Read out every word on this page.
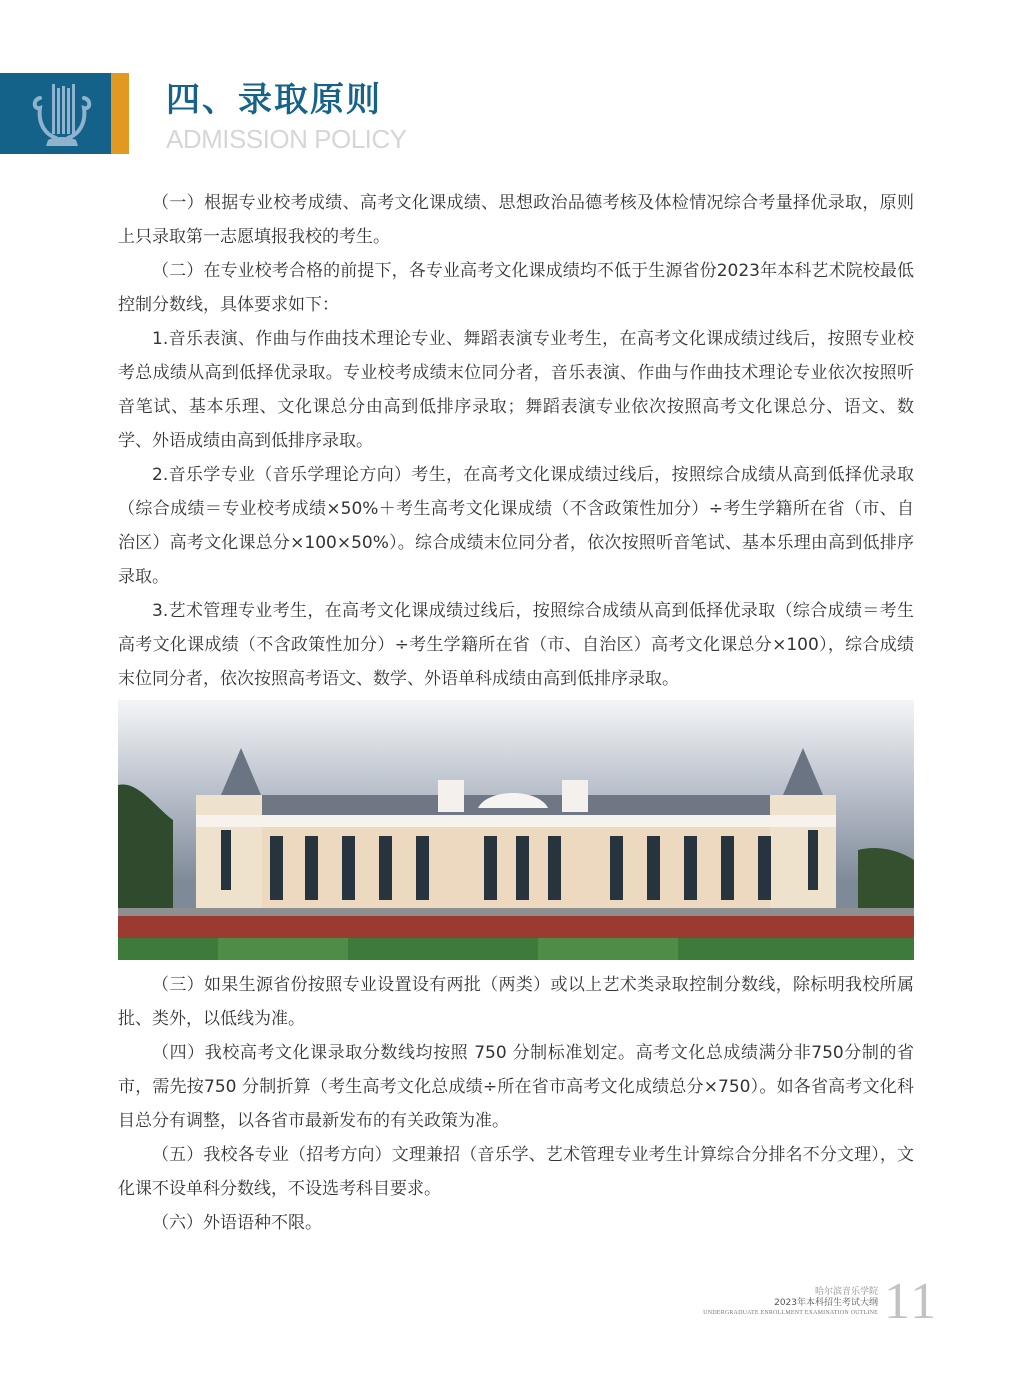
四、录取原则
ADMISSION POLICY

（一）根据专业校考成绩、高考文化课成绩、思想政治品德考核及体检情况综合考量择优录取，原则上只录取第一志愿填报我校的考生。

（二）在专业校考合格的前提下，各专业高考文化课成绩均不低于生源省份2023年本科艺术院校最低控制分数线，具体要求如下：

1.音乐表演、作曲与作曲技术理论专业、舞蹈表演专业考生，在高考文化课成绩过线后，按照专业校考总成绩从高到低择优录取。专业校考成绩末位同分者，音乐表演、作曲与作曲技术理论专业依次按照听音笔试、基本乐理、文化课总分由高到低排序录取；舞蹈表演专业依次按照高考文化课总分、语文、数学、外语成绩由高到低排序录取。

2.音乐学专业（音乐学理论方向）考生，在高考文化课成绩过线后，按照综合成绩从高到低择优录取（综合成绩＝专业校考成绩×50%＋考生高考文化课成绩（不含政策性加分）÷考生学籍所在省（市、自治区）高考文化课总分×100×50%）。综合成绩末位同分者，依次按照听音笔试、基本乐理由高到低排序录取。

3.艺术管理专业考生，在高考文化课成绩过线后，按照综合成绩从高到低择优录取（综合成绩＝考生高考文化课成绩（不含政策性加分）÷考生学籍所在省（市、自治区）高考文化课总分×100），综合成绩末位同分者，依次按照高考语文、数学、外语单科成绩由高到低排序录取。

（三）如果生源省份按照专业设置设有两批（两类）或以上艺术类录取控制分数线，除标明我校所属批、类外，以低线为准。

（四）我校高考文化课录取分数线均按照 750 分制标准划定。高考文化总成绩满分非750分制的省市，需先按750 分制折算（考生高考文化总成绩÷所在省市高考文化成绩总分×750）。如各省高考文化科目总分有调整，以各省市最新发布的有关政策为准。

（五）我校各专业（招考方向）文理兼招（音乐学、艺术管理专业考生计算综合分排名不分文理），文化课不设单科分数线，不设选考科目要求。

（六）外语语种不限。

哈尔滨音乐学院
2023年本科招生考试大纲
UNDERGRADUATE ENROLLMENT EXAMINATION OUTLINE 11
